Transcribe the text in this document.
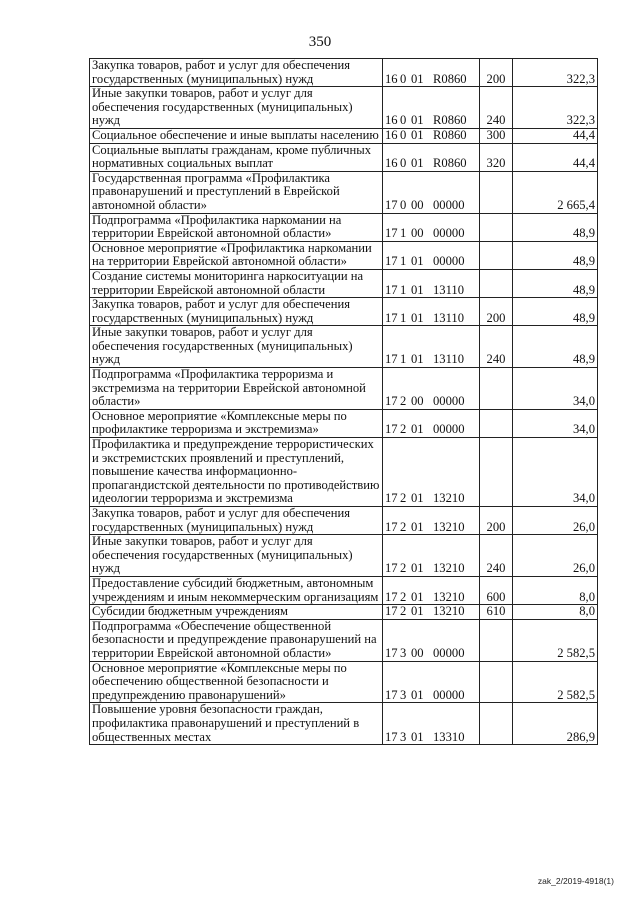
350
Закупка товаров, работ и услуг для обеспечения государственных (муниципальных) нужд	16 0 01 R0860	200	322,3
Иные закупки товаров, работ и услуг для обеспечения государственных (муниципальных) нужд	16 0 01 R0860	240	322,3
Социальное обеспечение и иные выплаты населению	16 0 01 R0860	300	44,4
Социальные выплаты гражданам, кроме публичных нормативных социальных выплат	16 0 01 R0860	320	44,4
Государственная программа «Профилактика правонарушений и преступлений в Еврейской автономной области»	17 0 00 00000		2 665,4
Подпрограмма «Профилактика наркомании на территории Еврейской автономной области»	17 1 00 00000		48,9
Основное мероприятие «Профилактика наркомании на территории Еврейской автономной области»	17 1 01 00000		48,9
Создание системы мониторинга наркоситуации на территории Еврейской автономной области	17 1 01 13110		48,9
Закупка товаров, работ и услуг для обеспечения государственных (муниципальных) нужд	17 1 01 13110	200	48,9
Иные закупки товаров, работ и услуг для обеспечения государственных (муниципальных) нужд	17 1 01 13110	240	48,9
Подпрограмма «Профилактика терроризма и экстремизма на территории Еврейской автономной области»	17 2 00 00000		34,0
Основное мероприятие «Комплексные меры по профилактике терроризма и экстремизма»	17 2 01 00000		34,0
Профилактика и предупреждение террористических и экстремистских проявлений и преступлений, повышение качества информационно-пропагандистской деятельности по противодействию идеологии терроризма и экстремизма	17 2 01 13210		34,0
Закупка товаров, работ и услуг для обеспечения государственных (муниципальных) нужд	17 2 01 13210	200	26,0
Иные закупки товаров, работ и услуг для обеспечения государственных (муниципальных) нужд	17 2 01 13210	240	26,0
Предоставление субсидий бюджетным, автономным учреждениям и иным некоммерческим организациям	17 2 01 13210	600	8,0
Субсидии бюджетным учреждениям	17 2 01 13210	610	8,0
Подпрограмма «Обеспечение общественной безопасности и предупреждение правонарушений на территории Еврейской автономной области»	17 3 00 00000		2 582,5
Основное мероприятие «Комплексные меры по обеспечению общественной безопасности и предупреждению правонарушений»	17 3 01 00000		2 582,5
Повышение уровня безопасности граждан, профилактика правонарушений и преступлений в общественных местах	17 3 01 13310		286,9
zak_2/2019-4918(1)
